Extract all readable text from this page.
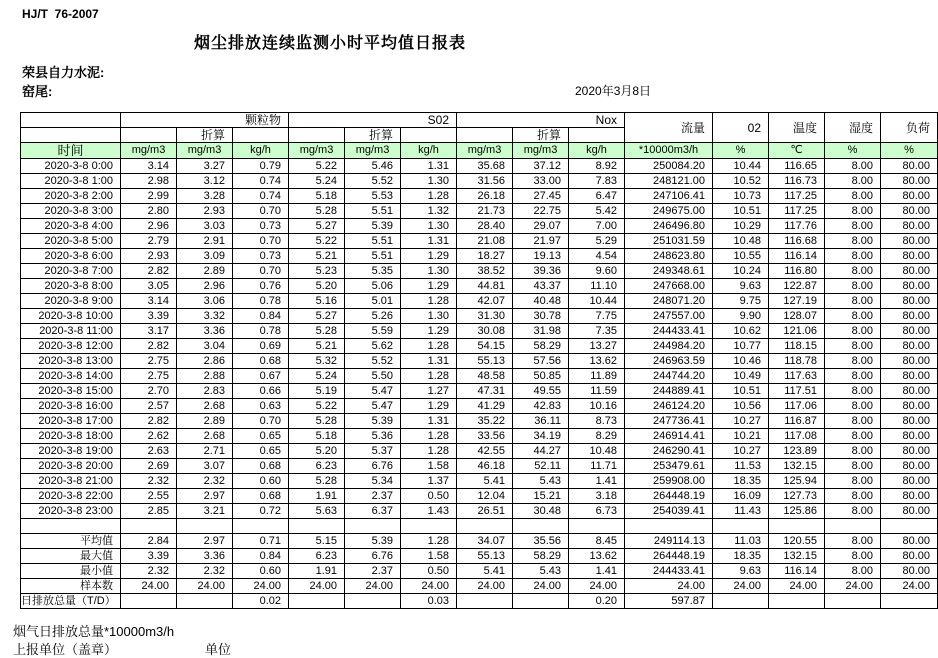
HJ/T  76-2007
烟尘排放连续监测小时平均值日报表
荣县自力水泥:
窑尾:	2020年3月8日
	颗粒物			S02			Nox			流量	02	温度	湿度	负荷
		折算			折算			折算						
时间	mg/m3	mg/m3	kg/h	mg/m3	mg/m3	kg/h	mg/m3	mg/m3	kg/h	*10000m3/h	%	℃	%	%
2020-3-8 0:00	3.14	3.27	0.79	5.22	5.46	1.31	35.68	37.12	8.92	250084.20	10.44	116.65	8.00	80.00
2020-3-8 1:00	2.98	3.12	0.74	5.24	5.52	1.30	31.56	33.00	7.83	248121.00	10.52	116.73	8.00	80.00
2020-3-8 2:00	2.99	3.28	0.74	5.18	5.53	1.28	26.18	27.45	6.47	247106.41	10.73	117.25	8.00	80.00
2020-3-8 3:00	2.80	2.93	0.70	5.28	5.51	1.32	21.73	22.75	5.42	249675.00	10.51	117.25	8.00	80.00
2020-3-8 4:00	2.96	3.03	0.73	5.27	5.39	1.30	28.40	29.07	7.00	246496.80	10.29	117.76	8.00	80.00
2020-3-8 5:00	2.79	2.91	0.70	5.22	5.51	1.31	21.08	21.97	5.29	251031.59	10.48	116.68	8.00	80.00
2020-3-8 6:00	2.93	3.09	0.73	5.21	5.51	1.29	18.27	19.13	4.54	248623.80	10.55	116.14	8.00	80.00
2020-3-8 7:00	2.82	2.89	0.70	5.23	5.35	1.30	38.52	39.36	9.60	249348.61	10.24	116.80	8.00	80.00
2020-3-8 8:00	3.05	2.96	0.76	5.20	5.06	1.29	44.81	43.37	11.10	247668.00	9.63	122.87	8.00	80.00
2020-3-8 9:00	3.14	3.06	0.78	5.16	5.01	1.28	42.07	40.48	10.44	248071.20	9.75	127.19	8.00	80.00
2020-3-8 10:00	3.39	3.32	0.84	5.27	5.26	1.30	31.30	30.78	7.75	247557.00	9.90	128.07	8.00	80.00
2020-3-8 11:00	3.17	3.36	0.78	5.28	5.59	1.29	30.08	31.98	7.35	244433.41	10.62	121.06	8.00	80.00
2020-3-8 12:00	2.82	3.04	0.69	5.21	5.62	1.28	54.15	58.29	13.27	244984.20	10.77	118.15	8.00	80.00
2020-3-8 13:00	2.75	2.86	0.68	5.32	5.52	1.31	55.13	57.56	13.62	246963.59	10.46	118.78	8.00	80.00
2020-3-8 14:00	2.75	2.88	0.67	5.24	5.50	1.28	48.58	50.85	11.89	244744.20	10.49	117.63	8.00	80.00
2020-3-8 15:00	2.70	2.83	0.66	5.19	5.47	1.27	47.31	49.55	11.59	244889.41	10.51	117.51	8.00	80.00
2020-3-8 16:00	2.57	2.68	0.63	5.22	5.47	1.29	41.29	42.83	10.16	246124.20	10.56	117.06	8.00	80.00
2020-3-8 17:00	2.82	2.89	0.70	5.28	5.39	1.31	35.22	36.11	8.73	247736.41	10.27	116.87	8.00	80.00
2020-3-8 18:00	2.62	2.68	0.65	5.18	5.36	1.28	33.56	34.19	8.29	246914.41	10.21	117.08	8.00	80.00
2020-3-8 19:00	2.63	2.71	0.65	5.20	5.37	1.28	42.55	44.27	10.48	246290.41	10.27	123.89	8.00	80.00
2020-3-8 20:00	2.69	3.07	0.68	6.23	6.76	1.58	46.18	52.11	11.71	253479.61	11.53	132.15	8.00	80.00
2020-3-8 21:00	2.32	2.32	0.60	5.28	5.34	1.37	5.41	5.43	1.41	259908.00	18.35	125.94	8.00	80.00
2020-3-8 22:00	2.55	2.97	0.68	1.91	2.37	0.50	12.04	15.21	3.18	264448.19	16.09	127.73	8.00	80.00
2020-3-8 23:00	2.85	3.21	0.72	5.63	6.37	1.43	26.51	30.48	6.73	254039.41	11.43	125.86	8.00	80.00

平均值	2.84	2.97	0.71	5.15	5.39	1.28	34.07	35.56	8.45	249114.13	11.03	120.55	8.00	80.00
最大值	3.39	3.36	0.84	6.23	6.76	1.58	55.13	58.29	13.62	264448.19	18.35	132.15	8.00	80.00
最小值	2.32	2.32	0.60	1.91	2.37	0.50	5.41	5.43	1.41	244433.41	9.63	116.14	8.00	80.00
样本数	24.00	24.00	24.00	24.00	24.00	24.00	24.00	24.00	24.00	24.00	24.00	24.00	24.00	24.00
日排放总量（T/D）			0.02			0.03			0.20	597.87				
烟气日排放总量*10000m3/h
上报单位（盖章）	单位
